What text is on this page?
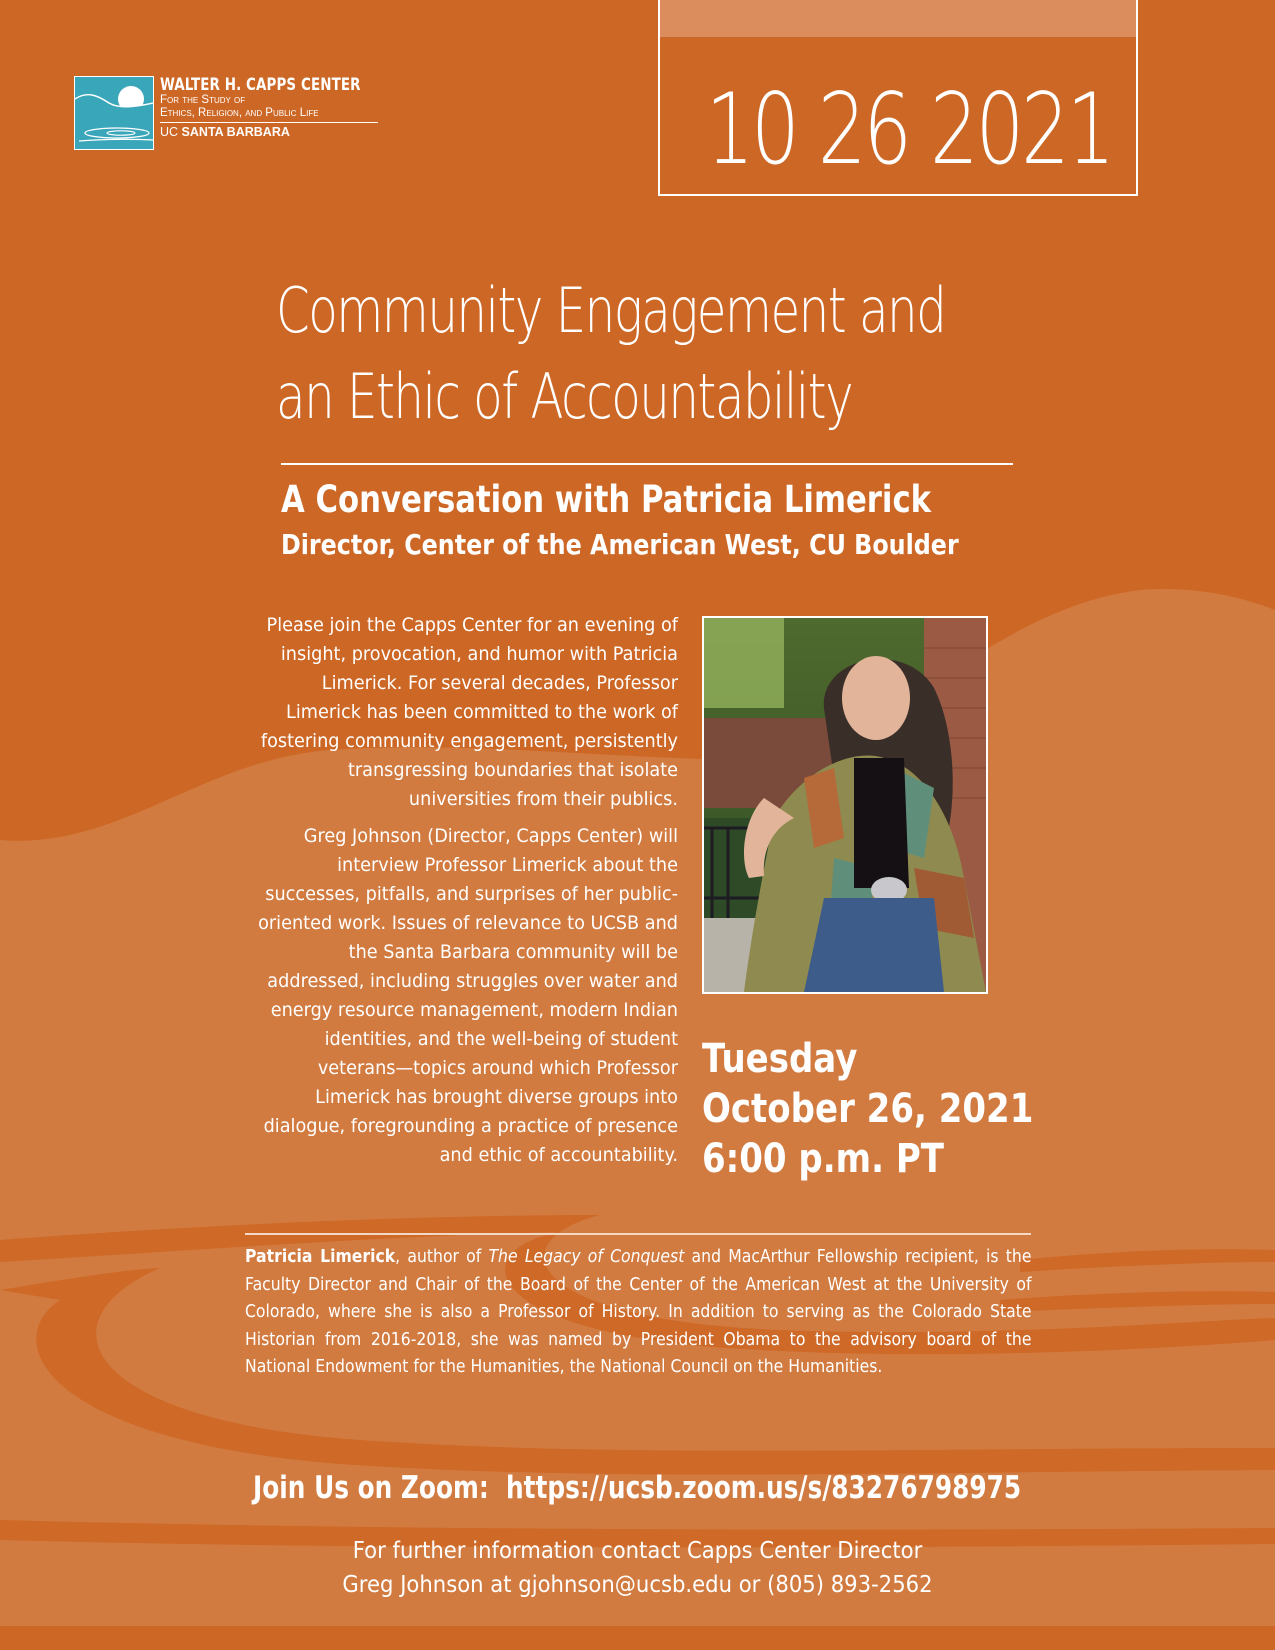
WALTER H. CAPPS CENTER
For the Study of
Ethics, Religion, and Public Life
UC SANTA BARBARA	10 26 2021
Community Engagement and
an Ethic of Accountability
A Conversation with Patricia Limerick
Director, Center of the American West, CU Boulder

Please join the Capps Center for an evening of insight, provocation, and humor with Patricia Limerick. For several decades, Professor Limerick has been committed to the work of fostering community engagement, persistently transgressing boundaries that isolate universities from their publics.

Greg Johnson (Director, Capps Center) will interview Professor Limerick about the successes, pitfalls, and surprises of her public-oriented work. Issues of relevance to UCSB and the Santa Barbara community will be addressed, including struggles over water and energy resource management, modern Indian identities, and the well-being of student veterans—topics around which Professor Limerick has brought diverse groups into dialogue, foregrounding a practice of presence and ethic of accountability.

Tuesday
October 26, 2021
6:00 p.m. PT
Patricia Limerick, author of The Legacy of Conquest and MacArthur Fellowship recipient, is the Faculty Director and Chair of the Board of the Center of the American West at the University of Colorado, where she is also a Professor of History. In addition to serving as the Colorado State Historian from 2016-2018, she was named by President Obama to the advisory board of the National Endowment for the Humanities, the National Council on the Humanities.
Join Us on Zoom: https://ucsb.zoom.us/s/83276798975
For further information contact Capps Center Director
Greg Johnson at gjohnson@ucsb.edu or (805) 893-2562
